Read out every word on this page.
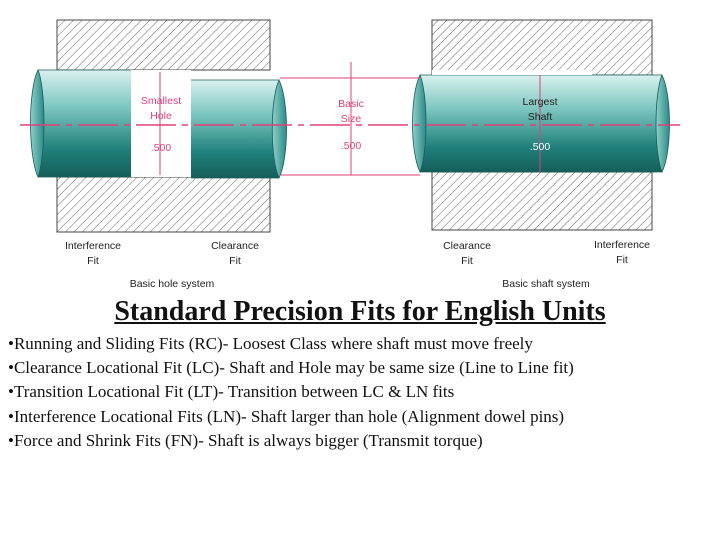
Smallest
Hole
.500
Basic
Size
.500
Largest
Shaft
.500
Interference
Fit
Clearance
Fit
Clearance
Fit
Interference
Fit
Basic hole system	Basic shaft system
Standard Precision Fits for English Units
• Running and Sliding Fits (RC)- Loosest Class where shaft must move freely
• Clearance Locational Fit (LC)- Shaft and Hole may be same size (Line to Line fit)
• Transition Locational Fit (LT)- Transition between LC & LN fits
• Interference Locational Fits (LN)- Shaft larger than hole (Alignment dowel pins)
• Force and Shrink Fits (FN)- Shaft is always bigger (Transmit torque)
